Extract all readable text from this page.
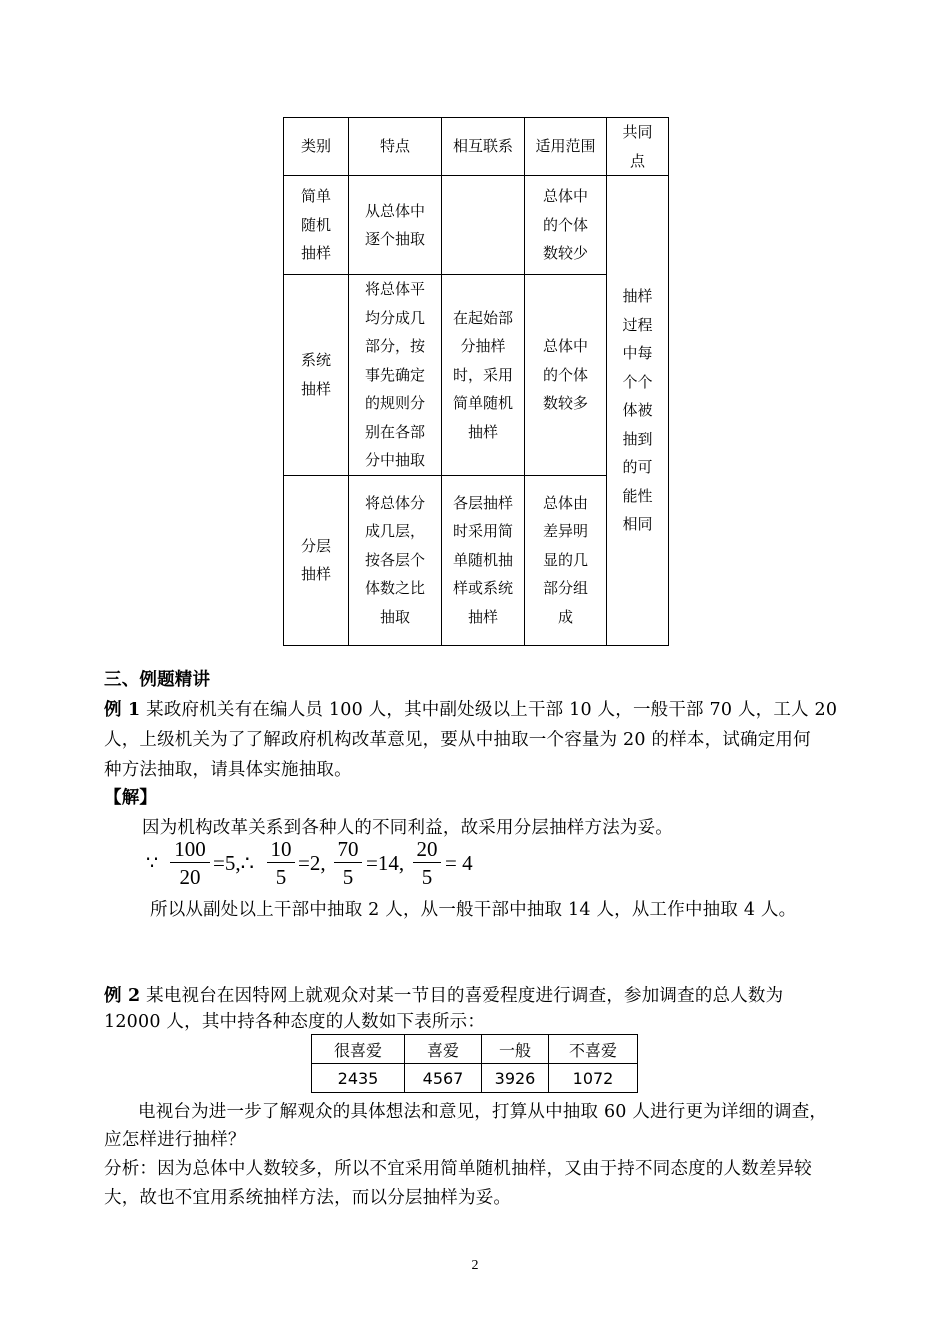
类别	特点	相互联系	适用范围	共同点
简单随机抽样	从总体中逐个抽取		总体中的个体数较少	抽样过程中每个个体被抽到的可能性相同
系统抽样	将总体平均分成几部分，按事先确定的规则分别在各部分中抽取	在起始部分抽样时，采用简单随机抽样	总体中的个体数较多	
分层抽样	将总体分成几层，按各层个体数之比抽取	各层抽样时采用简单随机抽样或系统抽样	总体由差异明显的几部分组成	
三、例题精讲
例 1 某政府机关有在编人员 100 人，其中副处级以上干部 10 人，一般干部 70 人，工人 20
人，上级机关为了了解政府机构改革意见，要从中抽取一个容量为 20 的样本，试确定用何
种方法抽取，请具体实施抽取。
【解】
因为机构改革关系到各种人的不同利益，故采用分层抽样方法为妥。
∵
100
20
=5,∴
10
5
=2,
70
5
=14,
20
5
= 4
所以从副处以上干部中抽取 2 人，从一般干部中抽取 14 人，从工作中抽取 4 人。
例 2 某电视台在因特网上就观众对某一节目的喜爱程度进行调查，参加调查的总人数为
12000 人，其中持各种态度的人数如下表所示：
很喜爱	喜爱	一般	不喜爱
2435	4567	3926	1072
电视台为进一步了解观众的具体想法和意见，打算从中抽取 60 人进行更为详细的调查，
应怎样进行抽样？
分析：因为总体中人数较多，所以不宜采用简单随机抽样，又由于持不同态度的人数差异较
大，故也不宜用系统抽样方法，而以分层抽样为妥。
2
